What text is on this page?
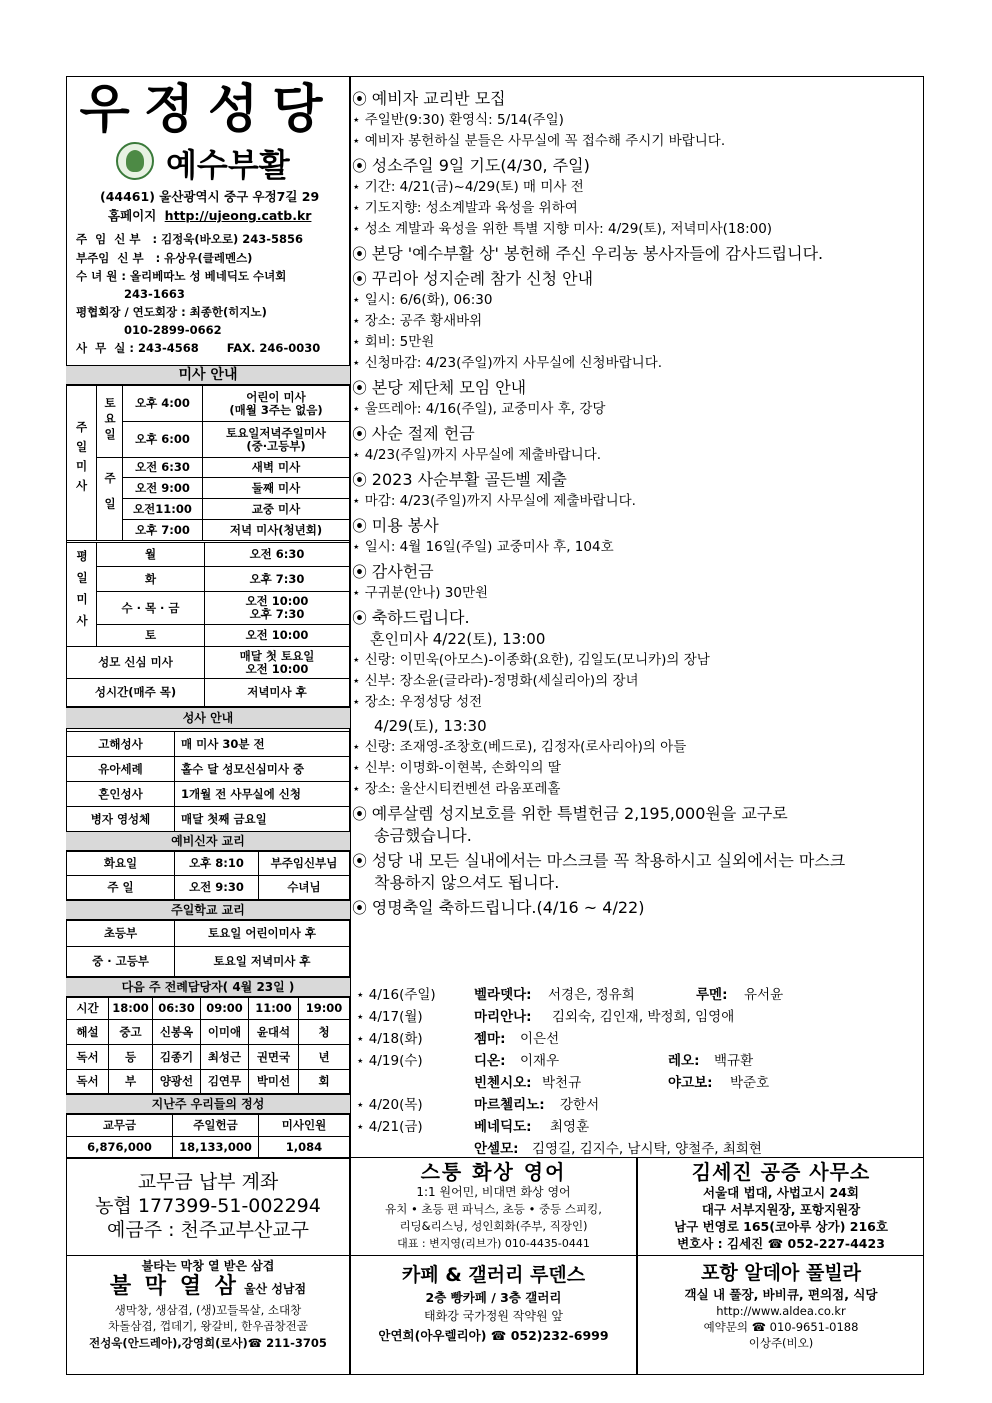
우정성당
예수부활
(44461) 울산광역시 중구 우정7길 29
홈페이지 http://ujeong.catb.kr
주  임  신 부   : 김정욱(바오로) 243-5856
부주임  신 부   : 유상우(클레멘스)
수 녀 원 : 올리베따노 성 베네딕도 수녀회
243-1663
평협회장 / 연도회장 : 최종한(히지노)
010-2899-0662
사  무  실 : 243-4568       FAX. 246-0030
미사 안내
주일미사	토요일	오후 4:00	어린이 미사
(매월 3주는 없음)
		오후 6:00	토요일저녁주일미사
(중·고등부)
	주일	오전 6:30	새벽 미사
		오전 9:00	둘째 미사
		오전11:00	교중 미사
		오후 7:00	저녁 미사(청년회)
평일미사	월	오전 6:30
	화	오후 7:30
	수 · 목 · 금	오전 10:00
오후 7:30
	토	오전 10:00
성모 신심 미사	매달 첫 토요일
오전 10:00
성시간(매주 목)	저녁미사 후
성사 안내
고해성사	매 미사 30분 전
유아세례	홀수 달 성모신심미사 중
혼인성사	1개월 전 사무실에 신청
병자 영성체	매달 첫째 금요일
예비신자 교리
화요일	오후 8:10	부주임신부님
주 일	오전 9:30	수녀님
주일학교 교리
초등부	토요일 어린이미사 후
중 · 고등부	토요일 저녁미사 후
다음 주 전례담당자( 4월 23일 )
시간	18:00	06:30	09:00	11:00	19:00
해설	중고	신봉옥	이미애	윤대석	청
독서	등	김종기	최성근	권면국	년
독서	부	양광선	김연무	박미선	회
지난주 우리들의 정성
교무금	주일헌금	미사인원
6,876,000	18,133,000	1,084
⦿ 예비자 교리반 모집
⋆ 주일반(9:30) 환영식: 5/14(주일)
⋆ 예비자 봉헌하실 분들은 사무실에 꼭 접수해 주시기 바랍니다.
⦿ 성소주일 9일 기도(4/30, 주일)
⋆ 기간: 4/21(금)~4/29(토) 매 미사 전
⋆ 기도지향: 성소계발과 육성을 위하여
⋆ 성소 계발과 육성을 위한 특별 지향 미사: 4/29(토), 저녁미사(18:00)
⦿ 본당 '예수부활 상' 봉헌해 주신 우리농 봉사자들에 감사드립니다.
⦿ 꾸리아 성지순례 참가 신청 안내
⋆ 일시: 6/6(화), 06:30
⋆ 장소: 공주 황새바위
⋆ 회비: 5만원
⋆ 신청마감: 4/23(주일)까지 사무실에 신청바랍니다.
⦿ 본당 제단체 모임 안내
⋆ 울뜨레아: 4/16(주일), 교중미사 후, 강당
⦿ 사순 절제 헌금
⋆ 4/23(주일)까지 사무실에 제출바랍니다.
⦿ 2023 사순부활 골든벨 제출
⋆ 마감: 4/23(주일)까지 사무실에 제출바랍니다.
⦿ 미용 봉사
⋆ 일시: 4월 16일(주일) 교중미사 후, 104호
⦿ 감사헌금
⋆ 구귀분(안나) 30만원
⦿ 축하드립니다.
혼인미사 4/22(토), 13:00
⋆ 신랑: 이민욱(아모스)-이종화(요한), 김일도(모니카)의 장남
⋆ 신부: 장소윤(글라라)-정명화(세실리아)의 장녀
⋆ 장소: 우정성당 성전
4/29(토), 13:30
⋆ 신랑: 조재영-조창호(베드로), 김정자(로사리아)의 아들
⋆ 신부: 이명화-이현복, 손화익의 딸
⋆ 장소: 울산시티컨벤션 라움포레홀
⦿ 예루살렘 성지보호를 위한 특별헌금 2,195,000원을 교구로
송금했습니다.
⦿ 성당 내 모든 실내에서는 마스크를 꼭 착용하시고 실외에서는 마스크
착용하지 않으셔도 됩니다.
⦿ 영명축일 축하드립니다.(4/16 ~ 4/22)
⋆ 4/16(주일)	벨라뎃다: 서경은, 정유희	루멘: 유서윤
⋆ 4/17(월)	마리안나: 김외숙, 김인재, 박정희, 임영애
⋆ 4/18(화)	젬마: 이은선
⋆ 4/19(수)	디온: 이재우	레오: 백규환
빈첸시오: 박천규	야고보: 박준호
⋆ 4/20(목)	마르첼리노: 강한서
⋆ 4/21(금)	베네딕도: 최영훈
안셀모: 김영길, 김지수, 남시탁, 양철주, 최희현
교무금 납부 계좌
농협 177399-51-002294
예금주 : 천주교부산교구
스퉁 화상 영어
1:1 원어민, 비대면 화상 영어
유치 • 초등 편 파닉스, 초등 • 중등 스피킹,
리딩&리스닝, 성인회화(주부, 직장인)
대표 : 변지영(리브가) 010-4435-0441
김세진 공증 사무소
서울대 법대, 사법고시 24회
대구 서부지원장, 포항지원장
남구 번영로 165(코아루 상가) 216호
변호사 : 김세진 ☎ 052-227-4423
불타는 막창 열 받은 삼겹
불 막 열 삼 울산 성남점
생막창, 생삼겹, (생)꼬들목살, 소대창
차돌삼겹, 껍데기, 왕갈비, 한우곱창전골
전성욱(안드레아),강영희(로사)☎ 211-3705
카페 & 갤러리 루덴스
2층 빵카페 / 3층 갤러리
태화강 국가정원 작약원 앞
안연희(아우렐리아) ☎ 052)232-6999
포항 알데아 풀빌라
객실 내 풀장, 바비큐, 편의점, 식당
http://www.aldea.co.kr
예약문의 ☎ 010-9651-0188
이상주(비오)
